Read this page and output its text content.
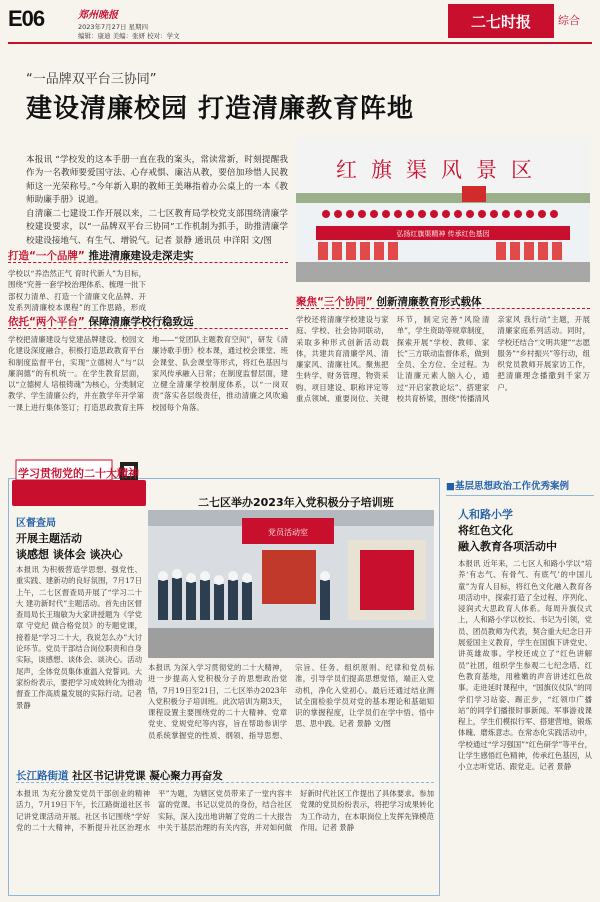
E06	郑州晚报
2023年7月27日 星期四
编辑：康迪 美编：张妍 校对：学文
二七时报	综合
“一品牌双平台三协同”
建设清廉校园 打造清廉教育阵地
本报讯 “学校发的这本手册一直在我的案头，常读常新，时刻提醒我作为一名教师要爱国守法、心存戒惧、廉洁从教，要倍加珍惜人民教师这一光荣称号。”今年新入职的教师王美琳指着办公桌上的一本《教师助廉手册》说道。
自清廉二七建设工作开展以来，二七区教育局学校党支部围绕清廉学校建设要求，以“一品牌双平台三协同”工作机制为抓手，助推清廉学校建设接地气、有生气、增锐气。记者 景静 通讯员 申洋阳 文/图
弘扬红旗渠精神 传承红色基因
红旗渠风景区
打造“一个品牌” 推进清廉建设走深走实
学校以“养浩然正气 育时代新人”为目标，围绕“究善一套学校治理体系、梳理一批下部权力清单、打造一个清廉文化品牌、开发系列清廉校本课程”的工作思路，形成
依托“两个平台” 保障清廉学校行稳致远
学校把清廉建设与党建品牌建设、校园文化建设深度融合，积极打造思政教育平台和制度监督平台，实现“立德树人”与“以廉润德”的有机统一。在学生教育层面，以“立德树人 培根铸魂”为核心，分类制定教学、学生清廉公约，并在教学年开学第一课上进行集体签订；打造思政教育主阵地——“党团队主题教育空间”，研发《清廉诗歌手册》校本课，通过校会课堂、班会课堂、队会课堂等形式，将红色基因与家风传承融入日常；在制度监督层面，建立健全清廉学校制度体系，以“一岗双责”落实各层级责任，推动清廉之风吹遍校园每个角落。
聚焦“三个协同” 创新清廉教育形式载体
学校还将清廉学校建设与家庭、学校、社会协同联动，采取多种形式创新活动载体，共建共育清廉学风、清廉家风、清廉社风。聚焦把生转学、财务管理、物资采购、项目建设、职称评定等重点领域、重要岗位、关键环节，制定完善“风险清单”，学生资助等规章制度，探索开展“学校、教师、家长”三方联动监督体系，做到全员、全方位、全过程。为让清廉元素人脑入心，通过“开启家教论坛”、搭建家校共育桥梁，围绕“传播清风 亲家风 我行动”主题，开展清廉家庭系列活动。同时，学校还结合“文明共建”“志愿服务”“乡村振兴”等行动，组织党员教师开展家访工作，把清廉理念播撒到千家万户。
学习贯彻党的二十大精神
二七区举办2023年入党积极分子培训班
党员活动室
区督查局
开展主题活动
谈感想 谈体会 谈决心
本报讯 为积极营造学思想、强党性、重实践、建新功的良好氛围，7月17日上午，二七区督查局开展了“学习二十大 建功新时代”主题活动。首先由区督查局局长王瑞敏为大家讲授题为《学党章 守党纪 做合格党员》的专题党课，接着是“学习二十大，我说怎么办”大讨论环节。党员干部结合岗位职责和自身实际，谈感想、谈体会、谈决心。活动尾声，全体党员集体重温入党誓词。大家纷纷表示，要把学习成效转化为推动督查工作高质量发展的实际行动。记者 景静
本报讯 为深入学习贯彻党的二十大精神，进一步提高入党积极分子的思想政治觉悟，7月19日至21日，二七区举办2023年入党积极分子培训班。此次培训为期3天，课程设置主要围绕党的二十大精神、党章党史、党规党纪等内容，旨在帮助参训学员系统掌握党的性质、纲领、指导思想、宗旨、任务、组织原则、纪律和党员标准，引导学员们提高思想觉悟，端正入党动机，净化入党初心。最后还通过结业测试全面检验学员对党的基本理论和基础知识的掌握程度，让学员们在学中悟、悟中思、思中践。记者 景静 文/图
长江路街道 社区书记讲党课 凝心聚力再奋发
本报讯 为充分激发党员干部创业的精神活力，7月19日下午，长江路街道社区书记讲党课活动开展。社区书记围绕“学好党的二十大精神，不断提升社区治理水平”为题，为辖区党员带来了一堂内容丰富的党课。书记以党员的身份，结合社区实际，深入浅出地讲解了党的二十大报告中关于基层治理的有关内容，并对如何做好新时代社区工作提出了具体要求。参加党课的党员纷纷表示，将把学习成果转化为工作动力，在本职岗位上发挥先锋模范作用。记者 景静
■基层思想政治工作优秀案例
人和路小学
将红色文化
融入教育各项活动中
本报讯 近年来，二七区人和路小学以“培养‘有志气、有骨气、有底气’的中国儿童”为育人目标，将红色文化融入教育各项活动中，探索打造了全过程、序列化、浸润式大思政育人体系。每周升旗仪式上，人和路小学以校长、书记为引领，党员、团员教师为代表，契合重大纪念日开展爱国主义教育，学生在国旗下讲党史、讲英雄故事。学校还成立了“红色讲解员”社团，组织学生参观二七纪念塔、红色教育基地，用稚嫩的声音讲述红色故事。走进延时课程中，“国旗仪仗队”的同学们学习站姿、踢正步，“红领巾广播站”的同学们播报时事新闻。军事游戏课程上，学生们模拟行军、搭建营地，锻炼体魄、磨炼意志。在常态化实践活动中，学校通过“学习强国”“红色研学”等平台，让学生感悟红色精神，传承红色基因，从小立志听党话、跟党走。记者 景静
